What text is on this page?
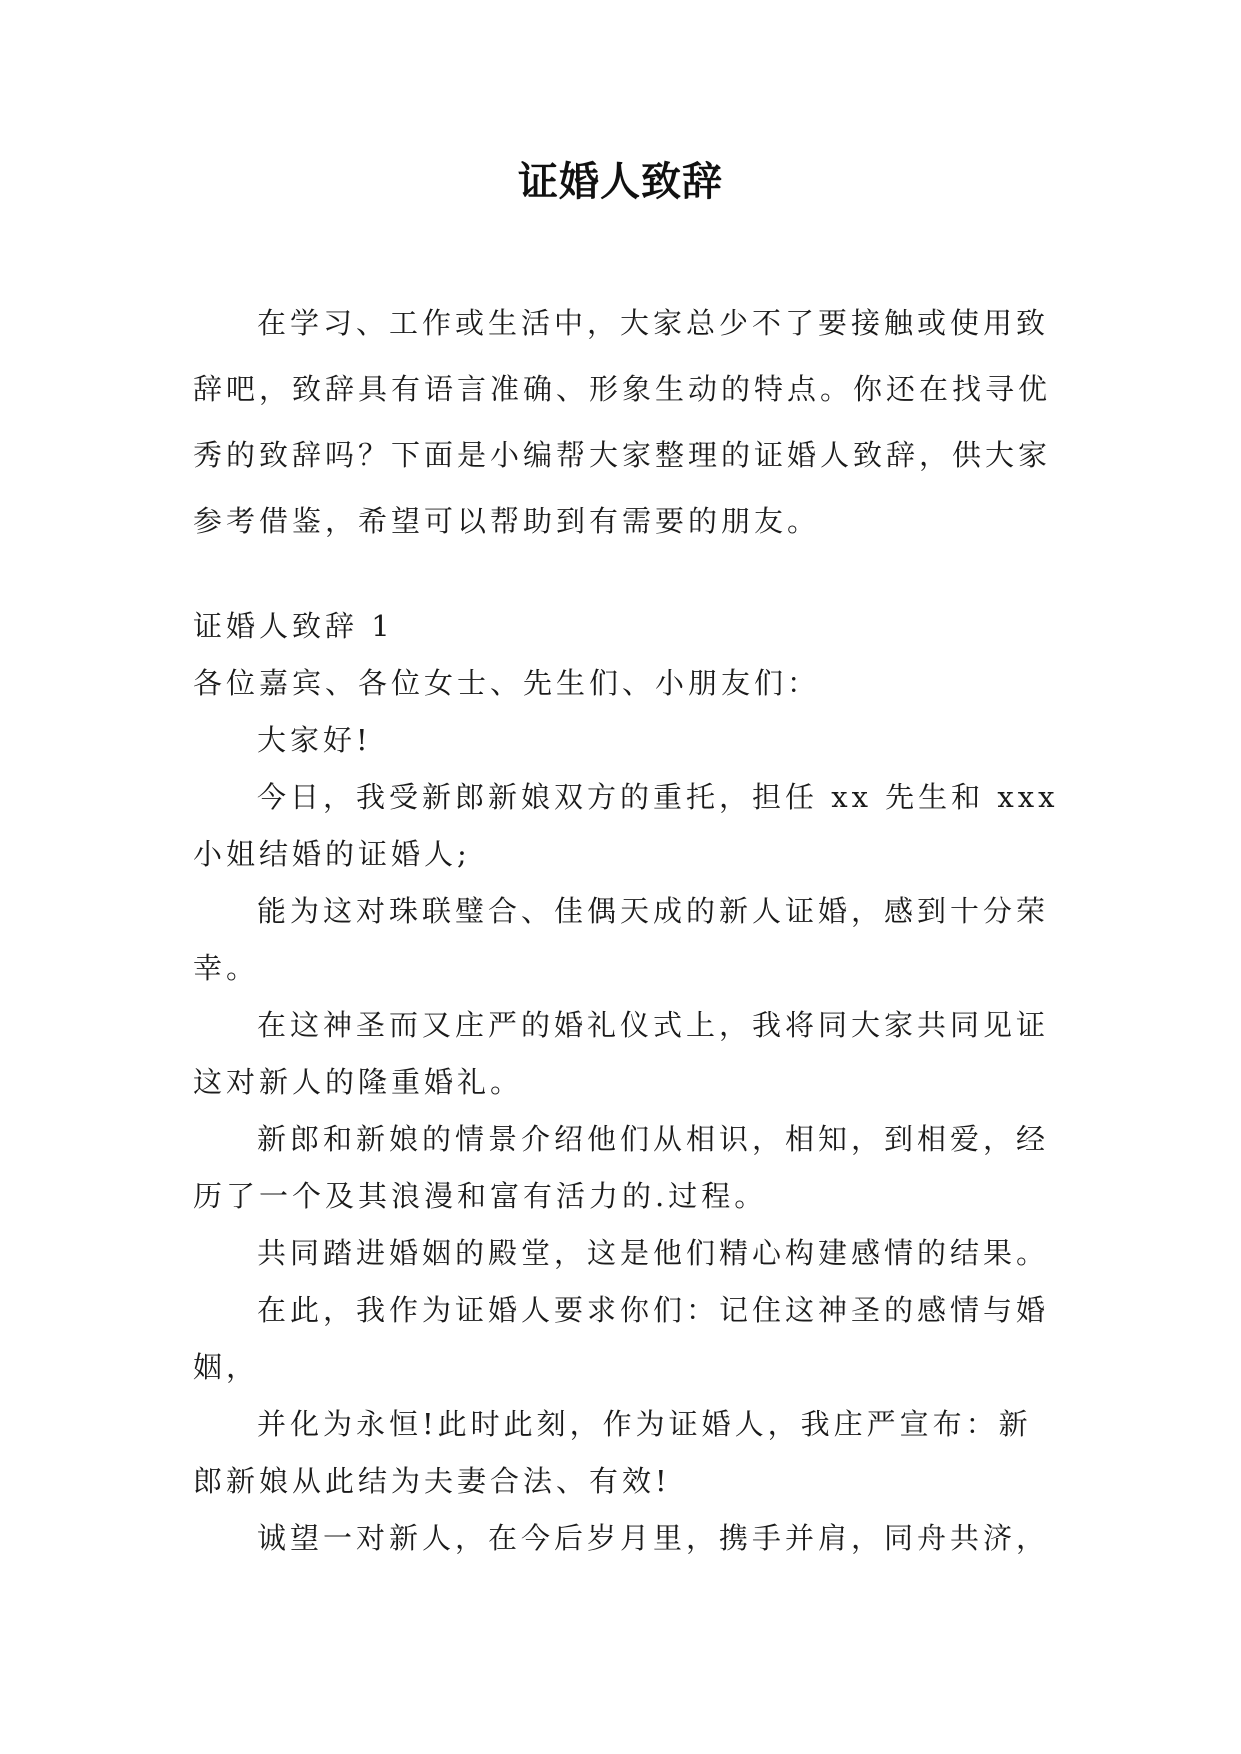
证婚人致辞
在学习、工作或生活中，大家总少不了要接触或使用致
辞吧，致辞具有语言准确、形象生动的特点。你还在找寻优
秀的致辞吗？下面是小编帮大家整理的证婚人致辞，供大家
参考借鉴，希望可以帮助到有需要的朋友。
证婚人致辞 1
各位嘉宾、各位女士、先生们、小朋友们：
大家好!
今日，我受新郎新娘双方的重托，担任 xx 先生和 xxx
小姐结婚的证婚人;
能为这对珠联璧合、佳偶天成的新人证婚，感到十分荣
幸。
在这神圣而又庄严的婚礼仪式上，我将同大家共同见证
这对新人的隆重婚礼。
新郎和新娘的情景介绍他们从相识，相知，到相爱，经
历了一个及其浪漫和富有活力的.过程。
共同踏进婚姻的殿堂，这是他们精心构建感情的结果。
在此，我作为证婚人要求你们：记住这神圣的感情与婚
姻，
并化为永恒!此时此刻，作为证婚人，我庄严宣布：新
郎新娘从此结为夫妻合法、有效!
诚望一对新人，在今后岁月里，携手并肩，同舟共济，
